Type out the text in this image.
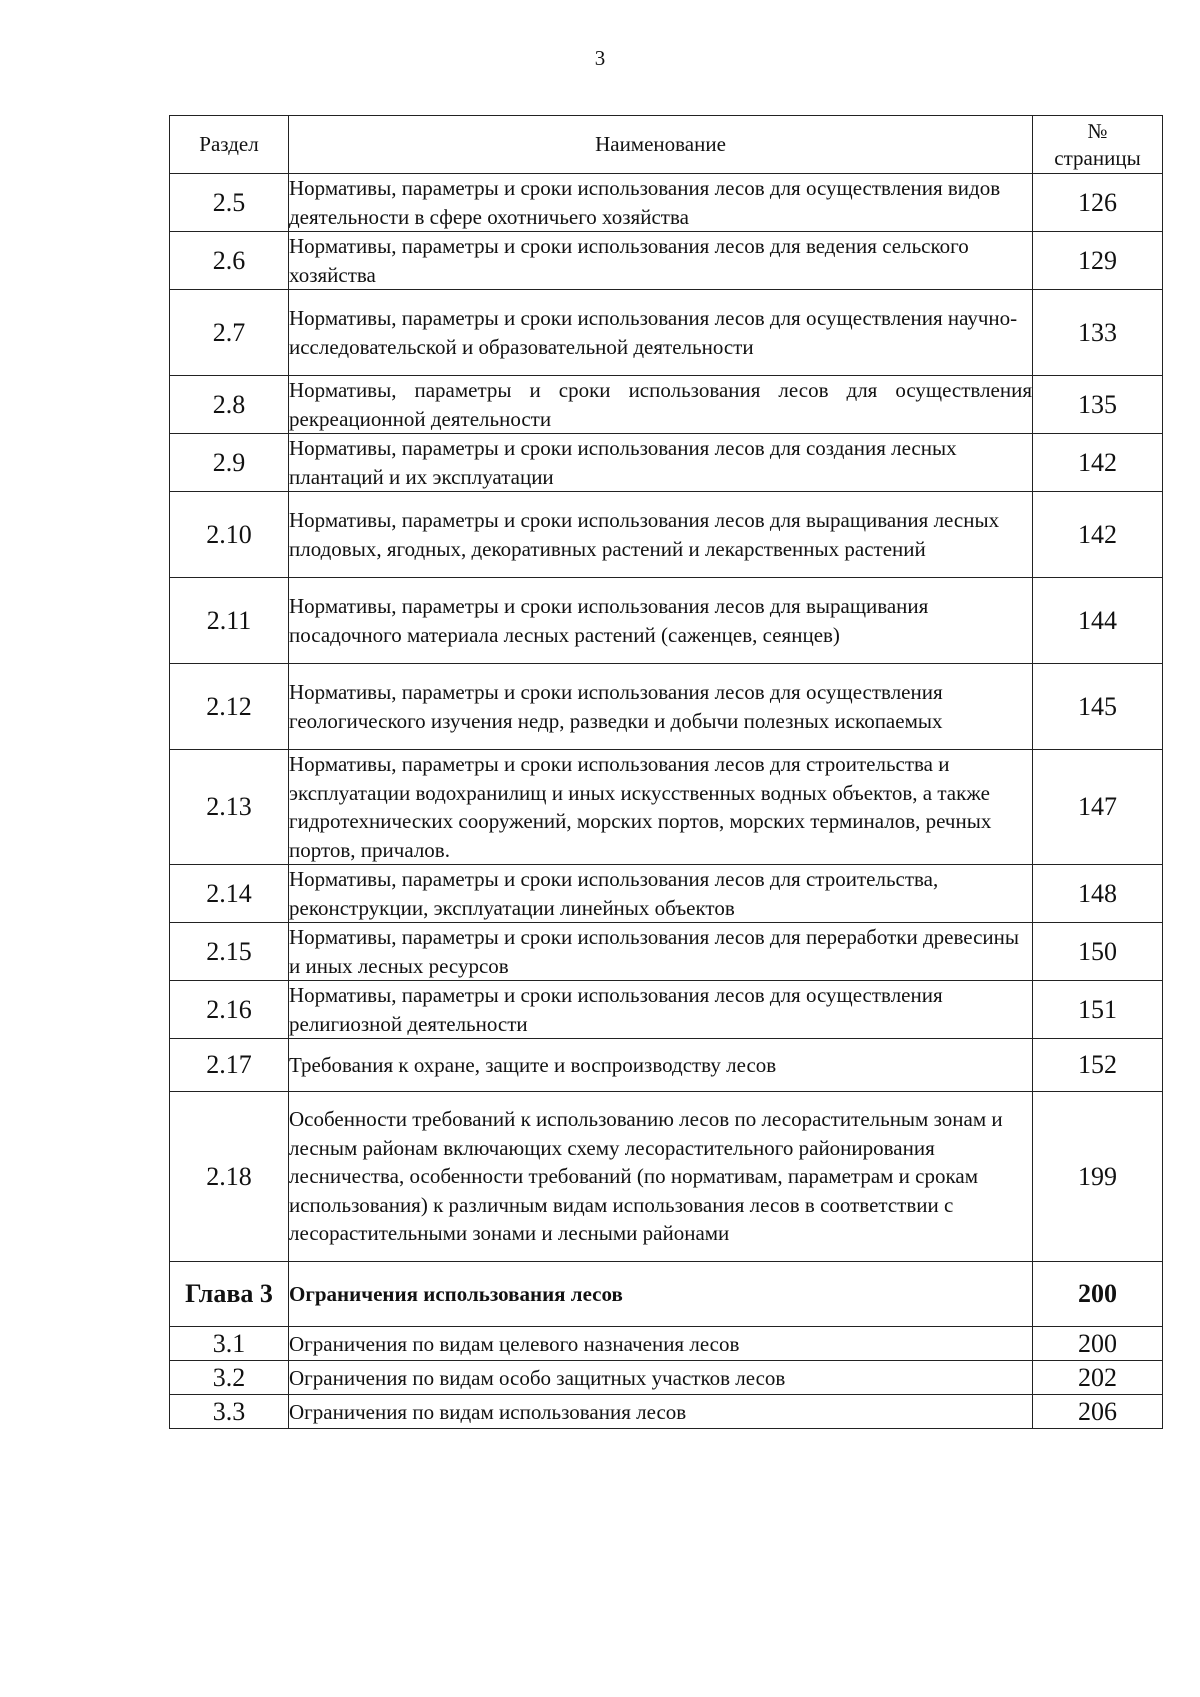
3
Раздел	Наименование	№
страницы
2.5	Нормативы, параметры и сроки использования лесов для осуществления видов деятельности в сфере охотничьего хозяйства	126
2.6	Нормативы, параметры и сроки использования лесов для ведения сельского хозяйства	129
2.7	Нормативы, параметры и сроки использования лесов для осуществления научно-исследовательской и образовательной деятельности	133
2.8	Нормативы, параметры и сроки использования лесов для осуществления рекреационной деятельности	135
2.9	Нормативы, параметры и сроки использования лесов для создания лесных плантаций и их эксплуатации	142
2.10	Нормативы, параметры и сроки использования лесов для выращивания лесных плодовых, ягодных, декоративных растений и лекарственных растений	142
2.11	Нормативы, параметры и сроки использования лесов для выращивания посадочного материала лесных растений (саженцев, сеянцев)	144
2.12	Нормативы, параметры и сроки использования лесов для осуществления геологического изучения недр, разведки и добычи полезных ископаемых	145
2.13	Нормативы, параметры и сроки использования лесов для строительства и эксплуатации водохранилищ и иных искусственных водных объектов, а также гидротехнических сооружений, морских портов, морских терминалов, речных портов, причалов.	147
2.14	Нормативы, параметры и сроки использования лесов для строительства, реконструкции, эксплуатации линейных объектов	148
2.15	Нормативы, параметры и сроки использования лесов для переработки древесины и иных лесных ресурсов	150
2.16	Нормативы, параметры и сроки использования лесов для осуществления религиозной деятельности	151
2.17	Требования к охране, защите и воспроизводству лесов	152
2.18	Особенности требований к использованию лесов по лесорастительным зонам и лесным районам включающих схему лесорастительного районирования лесничества, особенности требований (по нормативам, параметрам и срокам использования) к различным видам использования лесов в соответствии с лесорастительными зонами и лесными районами	199
Глава 3	Ограничения использования лесов	200
3.1	Ограничения по видам целевого назначения лесов	200
3.2	Ограничения по видам особо защитных участков лесов	202
3.3	Ограничения по видам использования лесов	206
